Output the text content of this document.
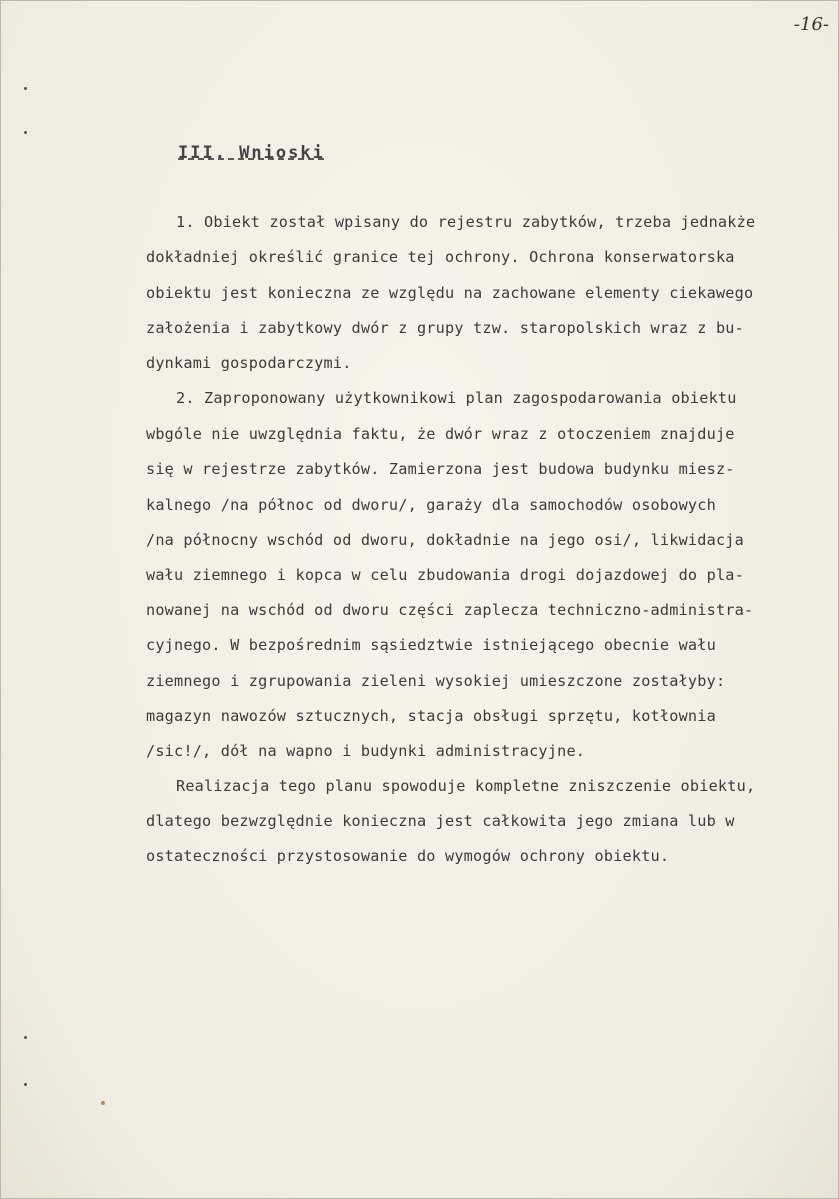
-16-
III. Wnioski
1. Obiekt został wpisany do rejestru zabytków, trzeba jednakże
dokładniej określić granice tej ochrony. Ochrona konserwatorska
obiektu jest konieczna ze względu na zachowane elementy ciekawego
założenia i zabytkowy dwór z grupy tzw. staropolskich wraz z bu-
dynkami gospodarczymi.
2. Zaproponowany użytkownikowi plan zagospodarowania obiektu
wbgóle nie uwzględnia faktu, że dwór wraz z otoczeniem znajduje
się w rejestrze zabytków. Zamierzona jest budowa budynku miesz-
kalnego /na północ od dworu/, garaży dla samochodów osobowych
/na północny wschód od dworu, dokładnie na jego osi/, likwidacja
wału ziemnego i kopca w celu zbudowania drogi dojazdowej do pla-
nowanej na wschód od dworu części zaplecza techniczno-administra-
cyjnego. W bezpośrednim sąsiedztwie istniejącego obecnie wału
ziemnego i zgrupowania zieleni wysokiej umieszczone zostałyby:
magazyn nawozów sztucznych, stacja obsługi sprzętu, kotłownia
/sic!/, dół na wapno i budynki administracyjne.
Realizacja tego planu spowoduje kompletne zniszczenie obiektu,
dlatego bezwzględnie konieczna jest całkowita jego zmiana lub w
ostateczności przystosowanie do wymogów ochrony obiektu.
